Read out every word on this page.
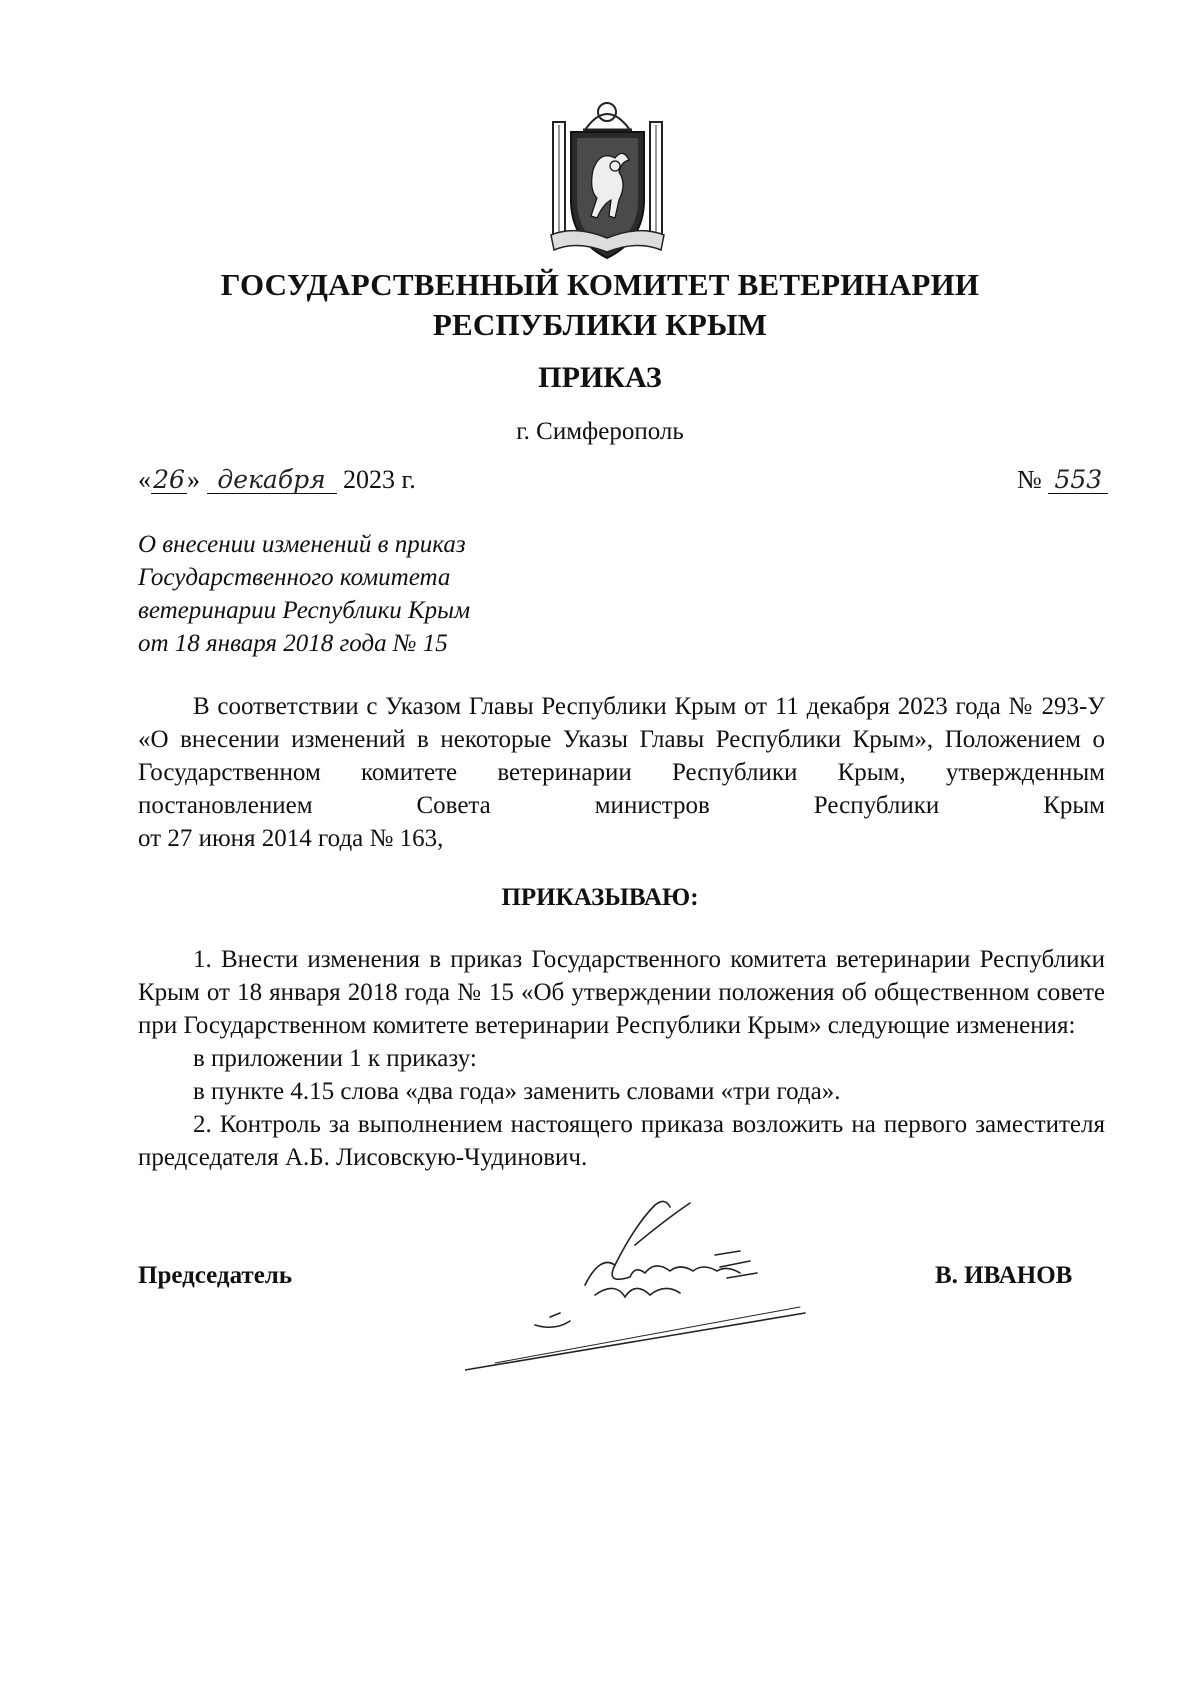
ГОСУДАРСТВЕННЫЙ КОМИТЕТ ВЕТЕРИНАРИИ
РЕСПУБЛИКИ КРЫМ
ПРИКАЗ
г. Симферополь
«26» декабря 2023 г.	№ 553
О внесении изменений в приказ
Государственного комитета
ветеринарии Республики Крым
от 18 января 2018 года № 15
В соответствии с Указом Главы Республики Крым от 11 декабря 2023 года № 293-У «О внесении изменений в некоторые Указы Главы Республики Крым», Положением о Государственном комитете ветеринарии Республики Крым, утвержденным постановлением Совета министров Республики Крым
от 27 июня 2014 года № 163,
ПРИКАЗЫВАЮ:

1. Внести изменения в приказ Государственного комитета ветеринарии Республики Крым от 18 января 2018 года № 15 «Об утверждении положения об общественном совете при Государственном комитете ветеринарии Республики Крым» следующие изменения:

в приложении 1 к приказу:

в пункте 4.15 слова «два года» заменить словами «три года».

2. Контроль за выполнением настоящего приказа возложить на первого заместителя председателя А.Б. Лисовскую-Чудинович.

Председатель	В. ИВАНОВ
